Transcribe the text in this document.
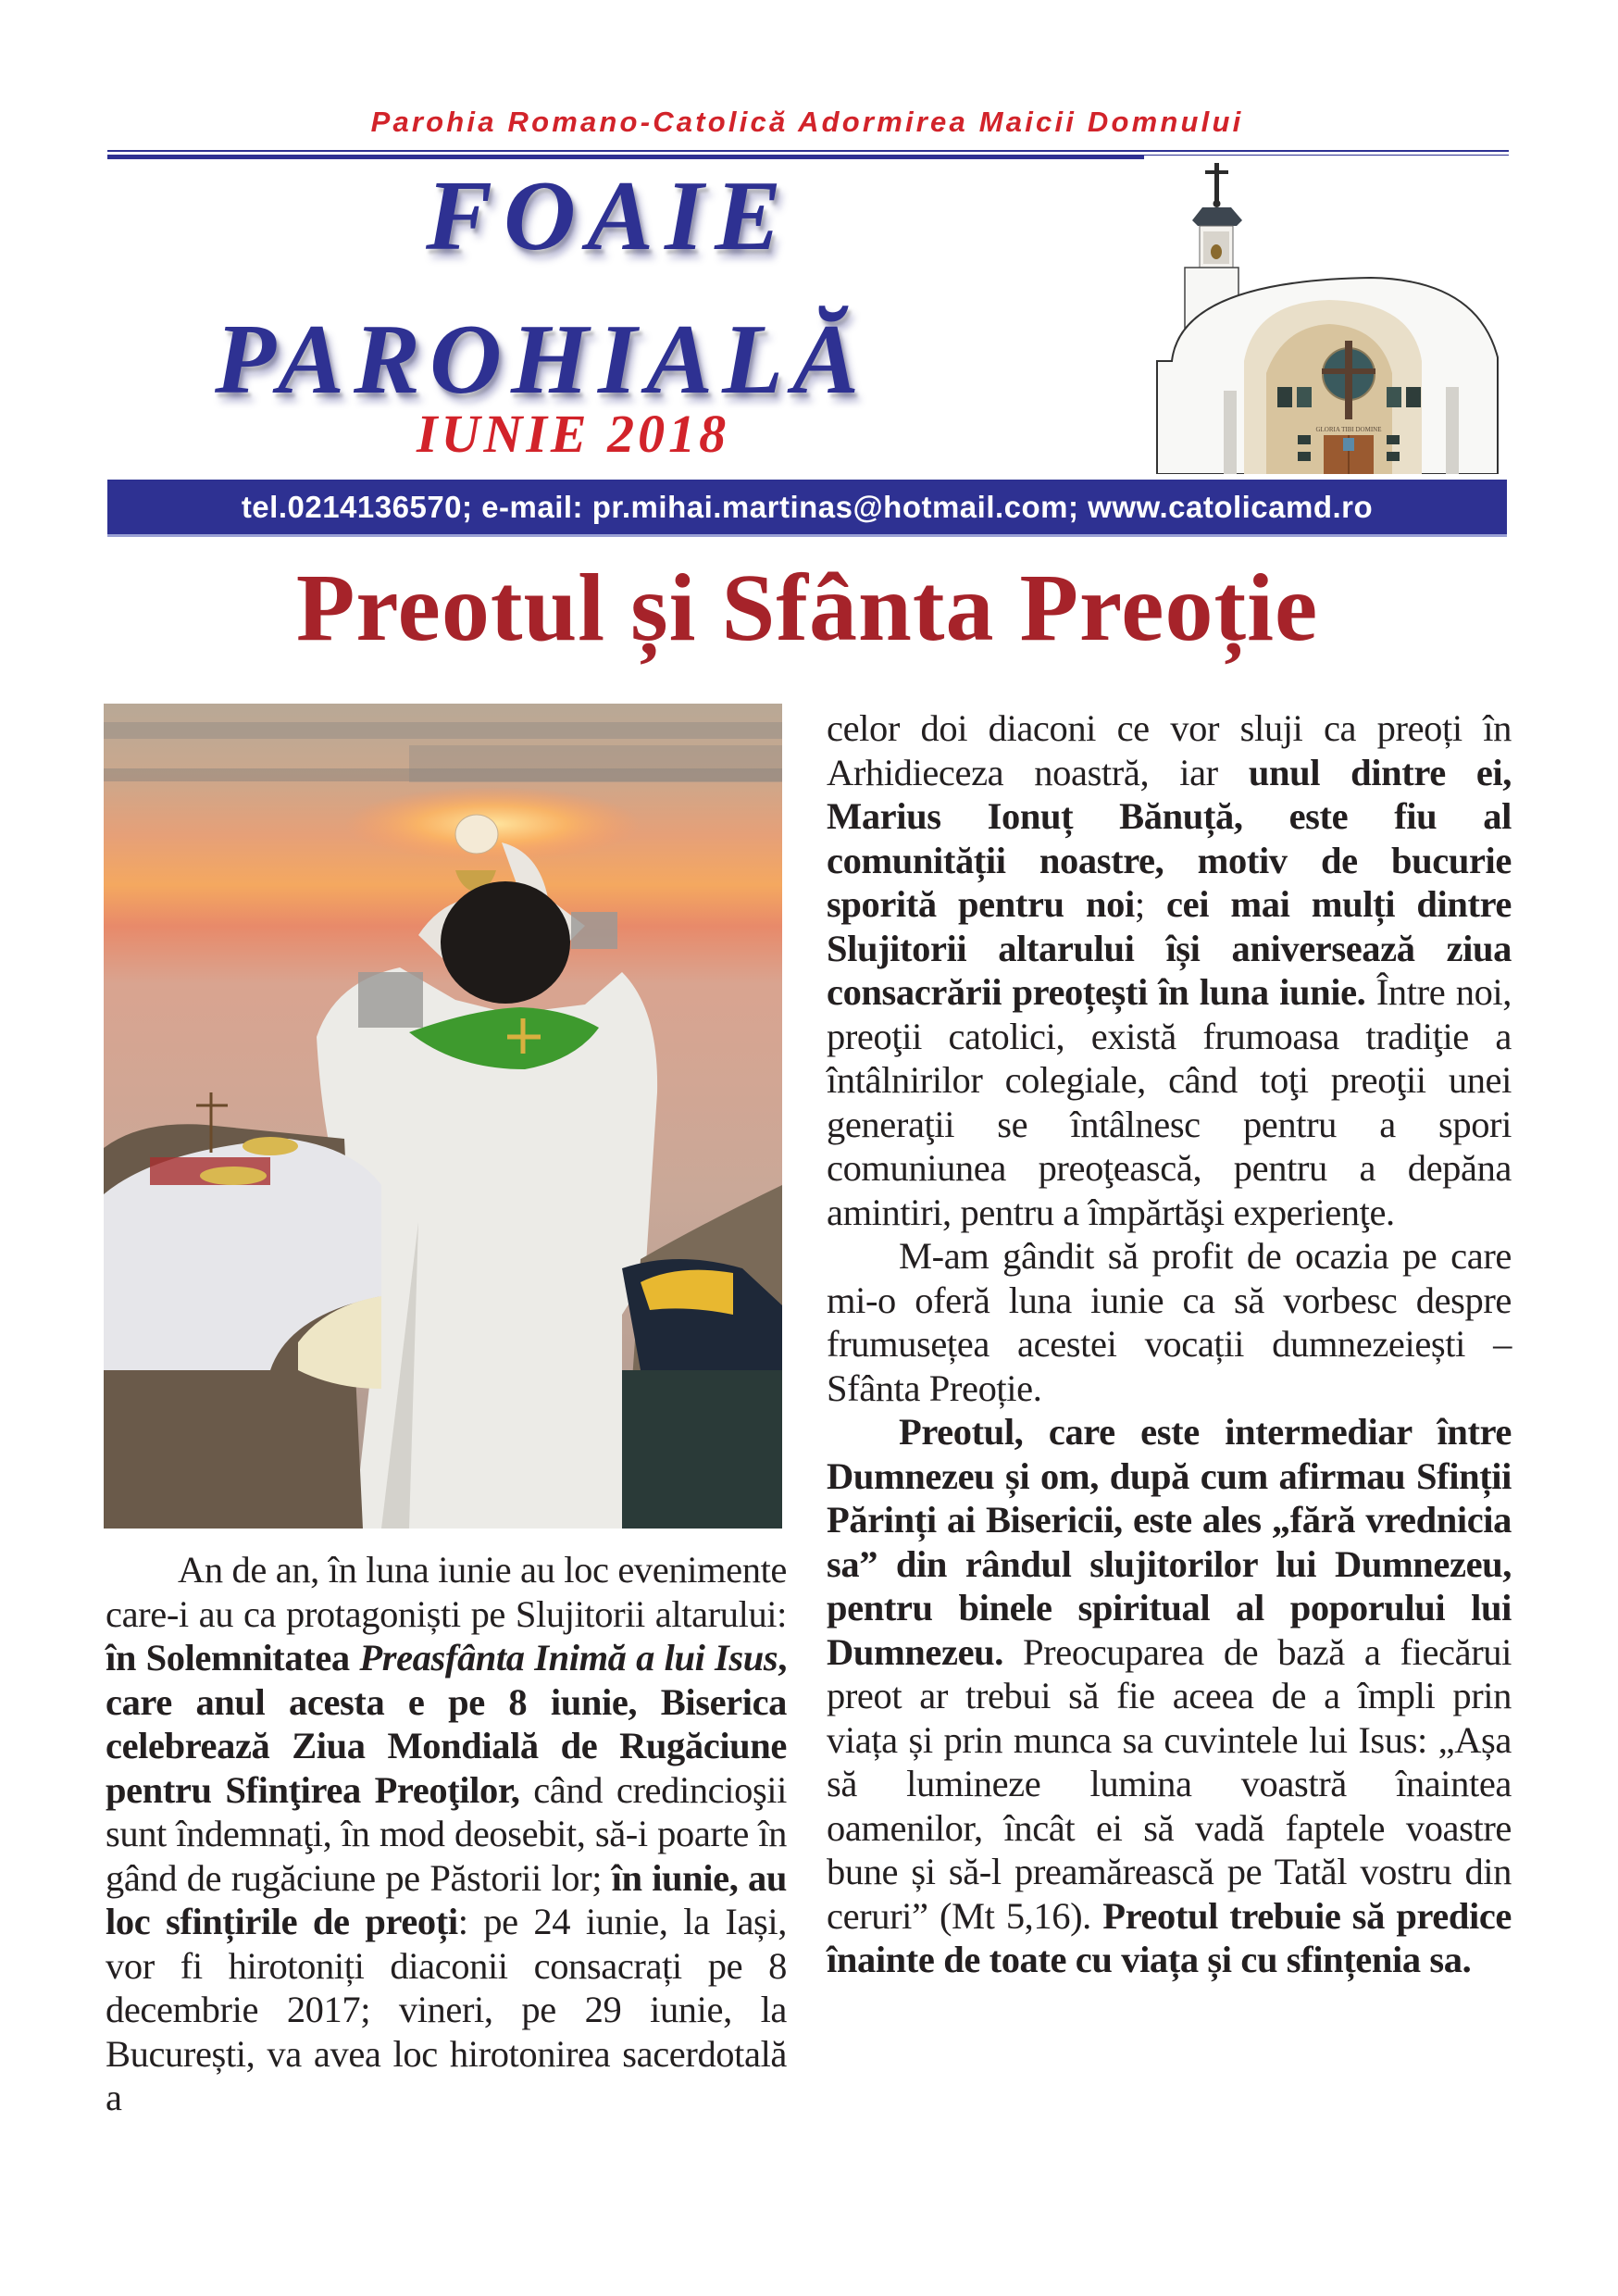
Parohia Romano-Catolică Adormirea Maicii Domnului
FOAIE
PAROHIALĂ
IUNIE 2018	GLORIA TIBI DOMINE
tel.0214136570; e-mail: pr.mihai.martinas@hotmail.com; www.catolicamd.ro
Preotul și Sfânta Preoție

An de an, în luna iunie au loc evenimente care-i au ca protagoniști pe Slujitorii altarului: în Solemnitatea Preasfânta Inimă a lui Isus, care anul acesta e pe 8 iunie, Biserica celebrează Ziua Mondială de Rugăciune pentru Sfinţirea Preoţilor, când credincioşii sunt îndemnaţi, în mod deosebit, să-i poarte în gând de rugăciune pe Păstorii lor; în iunie, au loc sfințirile de preoți: pe 24 iunie, la Iași, vor fi hirotoniți diaconii consacrați pe 8 decembrie 2017; vineri, pe 29 iunie, la București, va avea loc hirotonirea sacerdotală a

celor doi diaconi ce vor sluji ca preoți în Arhidieceza noastră, iar unul dintre ei, Marius Ionuț Bănuță, este fiu al comunității noastre, motiv de bucurie sporită pentru noi; cei mai mulți dintre Slujitorii altarului își aniversează ziua consacrării preoțești în luna iunie. Între noi, preoţii catolici, există frumoasa tradiţie a întâlnirilor colegiale, când toţi preoţii unei generaţii se întâlnesc pentru a spori comuniunea preoţească, pentru a depăna amintiri, pentru a împărtăşi experienţe.

M-am gândit să profit de ocazia pe care mi-o oferă luna iunie ca să vorbesc despre frumusețea acestei vocații dumnezeiești – Sfânta Preoție.

Preotul, care este intermediar între Dumnezeu și om, după cum afirmau Sfinții Părinți ai Bisericii, este ales „fără vrednicia sa” din rândul slujitorilor lui Dumnezeu, pentru binele spiritual al poporului lui Dumnezeu. Preocuparea de bază a fiecărui preot ar trebui să fie aceea de a împli prin viața și prin munca sa cuvintele lui Isus: „Așa să lumineze lumina voastră înaintea oamenilor, încât ei să vadă faptele voastre bune și să-l preamărească pe Tatăl vostru din ceruri” (Mt 5,16). Preotul trebuie să predice înainte de toate cu viața și cu sfințenia sa.
